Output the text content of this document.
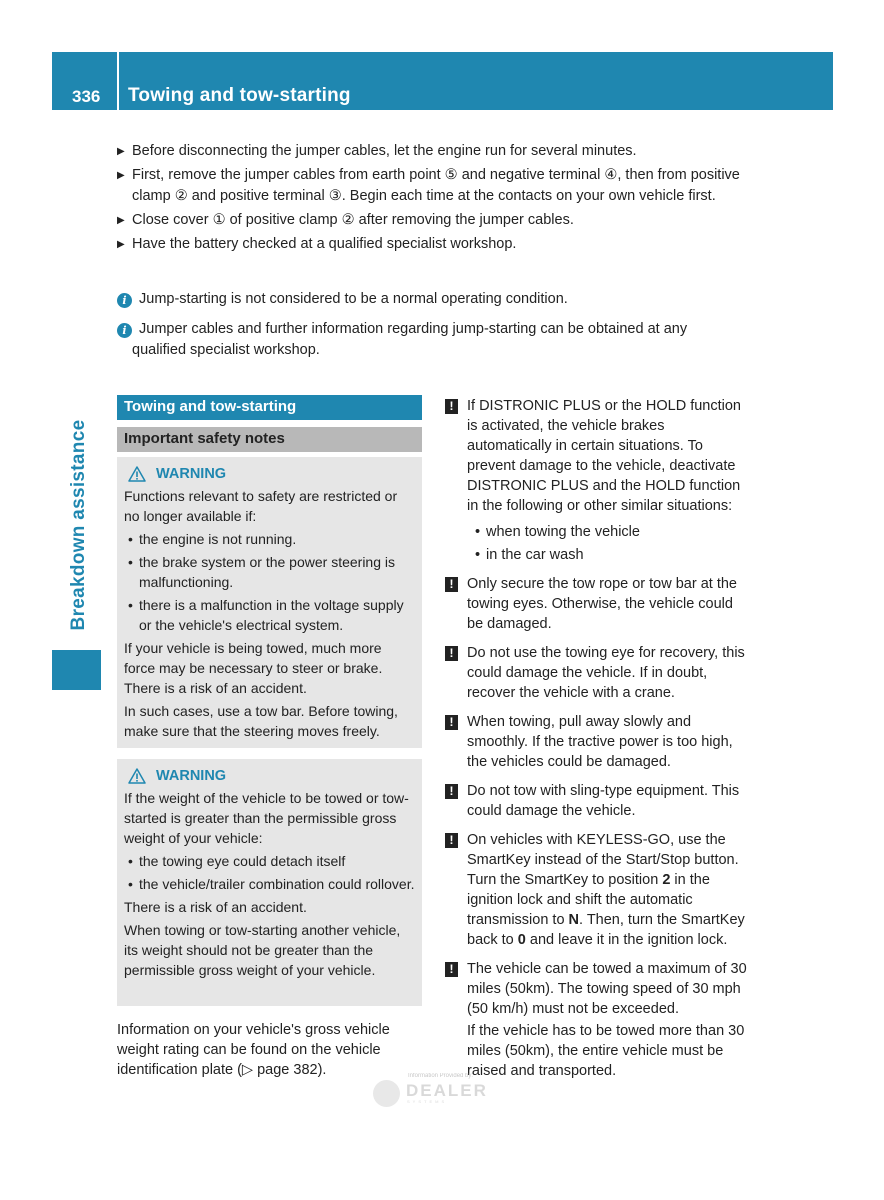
336 Towing and tow-starting
Breakdown assistance
▶ Before disconnecting the jumper cables, let the engine run for several minutes.
▶ First, remove the jumper cables from earth point ⑤ and negative terminal ④, then from positive clamp ② and positive terminal ③. Begin each time at the contacts on your own vehicle first.
▶ Close cover ① of positive clamp ② after removing the jumper cables.
▶ Have the battery checked at a qualified specialist workshop.
i Jump-starting is not considered to be a normal operating condition.
i Jumper cables and further information regarding jump-starting can be obtained at any
qualified specialist workshop.
Towing and tow-starting
Important safety notes
WARNING

Functions relevant to safety are restricted or no longer available if:

• the engine is not running.
• the brake system or the power steering is malfunctioning.
• there is a malfunction in the voltage supply or the vehicle's electrical system.

If your vehicle is being towed, much more force may be necessary to steer or brake. There is a risk of an accident.

In such cases, use a tow bar. Before towing, make sure that the steering moves freely.

WARNING

If the weight of the vehicle to be towed or tow-started is greater than the permissible gross weight of your vehicle:

• the towing eye could detach itself
• the vehicle/trailer combination could rollover.

There is a risk of an accident.

When towing or tow-starting another vehicle, its weight should not be greater than the permissible gross weight of your vehicle.

Information on your vehicle's gross vehicle weight rating can be found on the vehicle identification plate (▷ page 382).
! If DISTRONIC PLUS or the HOLD function is activated, the vehicle brakes automatically in certain situations. To prevent damage to the vehicle, deactivate DISTRONIC PLUS and the HOLD function in the following or other similar situations:
• when towing the vehicle
• in the car wash
! Only secure the tow rope or tow bar at the towing eyes. Otherwise, the vehicle could be damaged.
! Do not use the towing eye for recovery, this could damage the vehicle. If in doubt, recover the vehicle with a crane.
! When towing, pull away slowly and smoothly. If the tractive power is too high, the vehicles could be damaged.
! Do not tow with sling-type equipment. This could damage the vehicle.
! On vehicles with KEYLESS-GO, use the SmartKey instead of the Start/Stop button. Turn the SmartKey to position 2 in the ignition lock and shift the automatic transmission to N. Then, turn the SmartKey back to 0 and leave it in the ignition lock.
! The vehicle can be towed a maximum of 30 miles (50km). The towing speed of 30 mph (50 km/h) must not be exceeded.
If the vehicle has to be towed more than 30 miles (50km), the entire vehicle must be raised and transported.
Information Provided by:
DEALER
SYSTEMS
